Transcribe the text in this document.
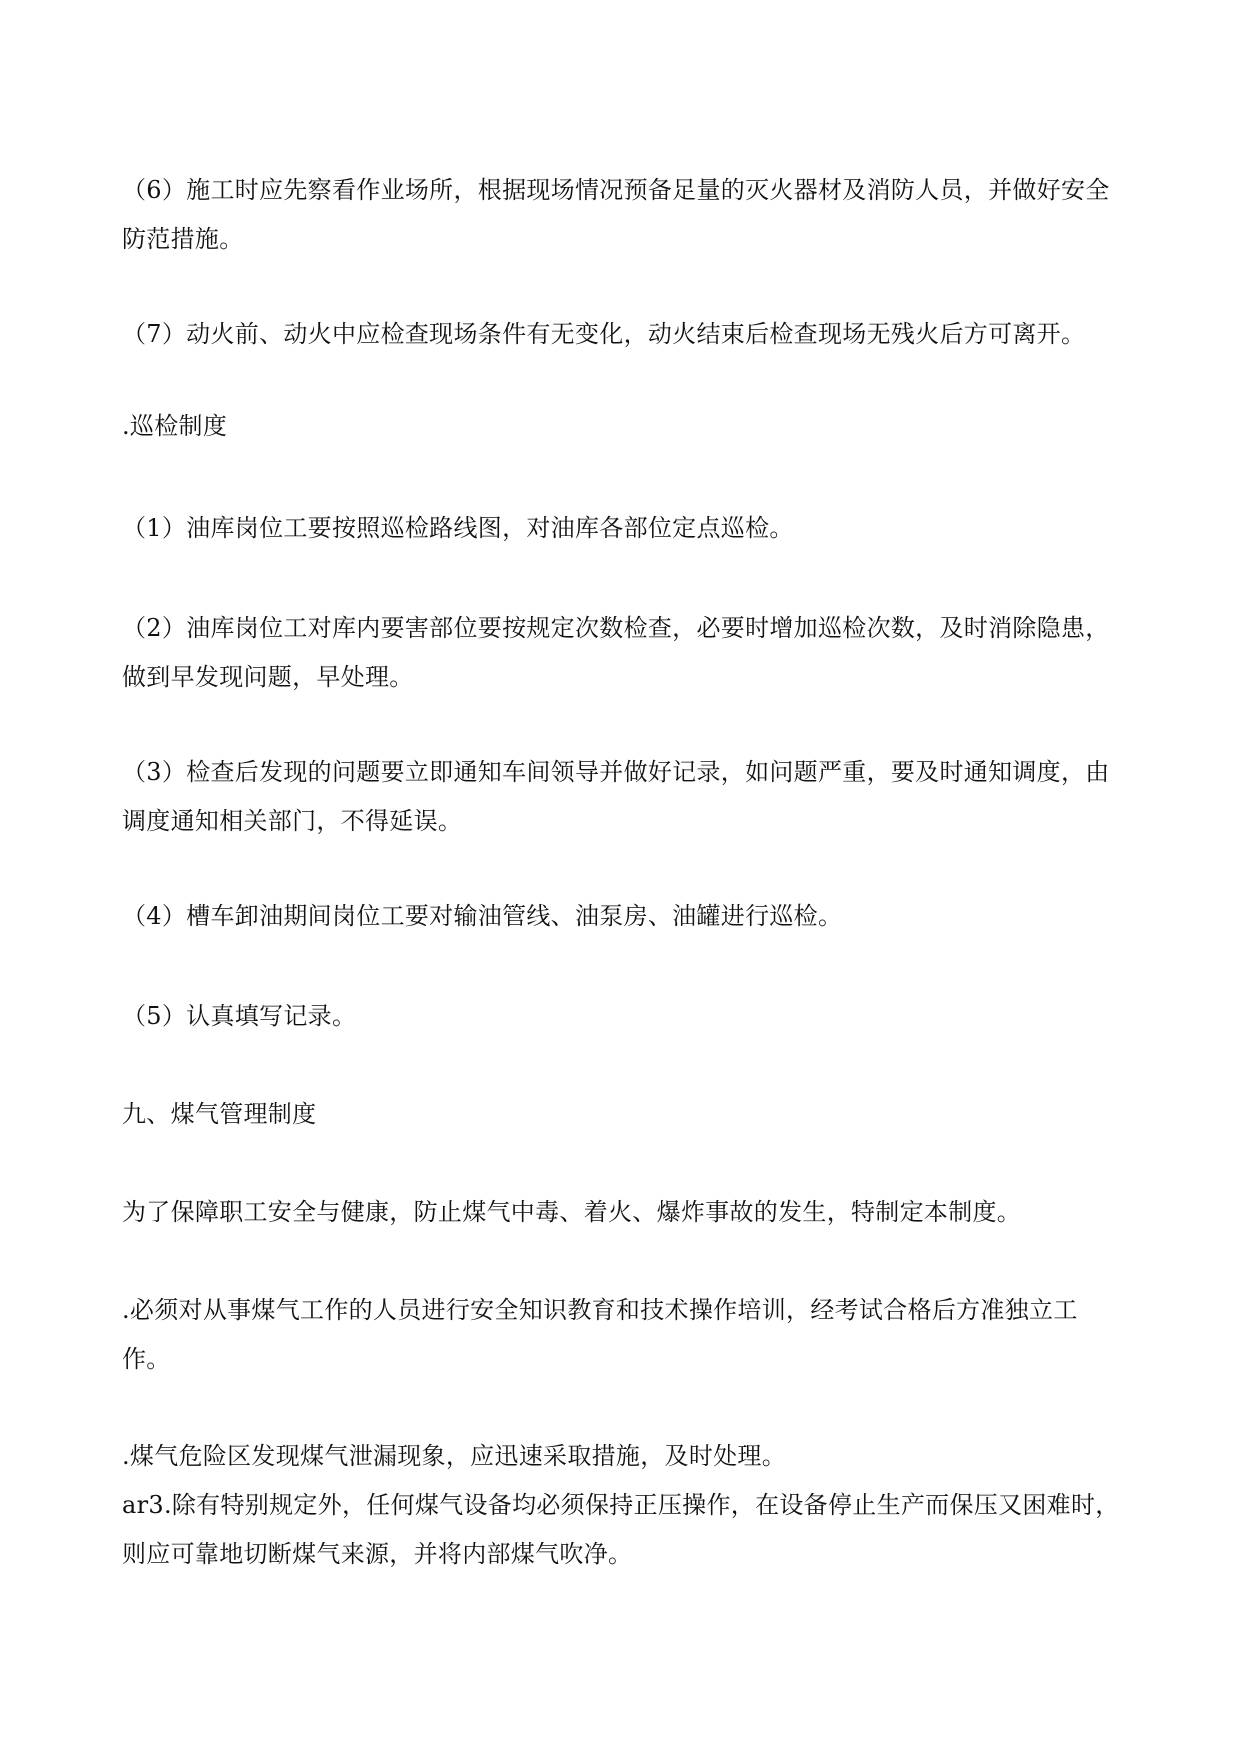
（6）施工时应先察看作业场所，根据现场情况预备足量的灭火器材及消防人员，并做好安全防范措施。

（7）动火前、动火中应检查现场条件有无变化，动火结束后检查现场无残火后方可离开。

.巡检制度

（1）油库岗位工要按照巡检路线图，对油库各部位定点巡检。

（2）油库岗位工对库内要害部位要按规定次数检查，必要时增加巡检次数，及时消除隐患，做到早发现问题，早处理。

（3）检查后发现的问题要立即通知车间领导并做好记录，如问题严重，要及时通知调度，由调度通知相关部门，不得延误。

（4）槽车卸油期间岗位工要对输油管线、油泵房、油罐进行巡检。

（5）认真填写记录。

九、煤气管理制度

为了保障职工安全与健康，防止煤气中毒、着火、爆炸事故的发生，特制定本制度。

.必须对从事煤气工作的人员进行安全知识教育和技术操作培训，经考试合格后方准独立工作。

.煤气危险区发现煤气泄漏现象，应迅速采取措施，及时处理。

ar3.除有特别规定外，任何煤气设备均必须保持正压操作，在设备停止生产而保压又困难时，则应可靠地切断煤气来源，并将内部煤气吹净。
